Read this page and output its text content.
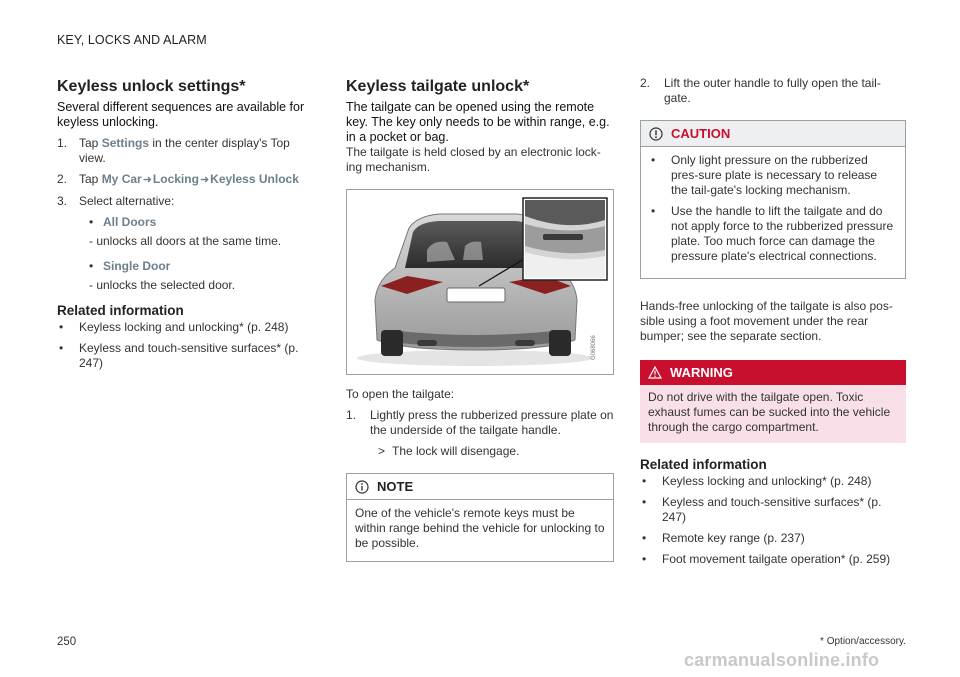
KEY, LOCKS AND ALARM
Keyless unlock settings*

Several different sequences are available for keyless unlocking.

1. Tap Settings in the center display's Top view.
2. Tap My Car➜Locking➜Keyless Unlock
3. Select alternative:
• All Doors
- unlocks all doors at the same time.
• Single Door
- unlocks the selected door.
Related information
•	Keyless locking and unlocking* (p. 248)
•	Keyless and touch-sensitive surfaces* (p. 247)
Keyless tailgate unlock*

The tailgate can be opened using the remote key. The key only needs to be within range, e.g. in a pocket or bag.

The tailgate is held closed by an electronic lock-ing mechanism.

G068066

To open the tailgate:

1.	Lightly press the rubberized pressure plate on the underside of the tailgate handle.
> The lock will disengage.
NOTE
One of the vehicle's remote keys must be within range behind the vehicle for unlocking to be possible.
2.	Lift the outer handle to fully open the tail-gate.
CAUTION
•	Only light pressure on the rubberized pres-sure plate is necessary to release the tail-gate's locking mechanism.
•	Use the handle to lift the tailgate and do not apply force to the rubberized pressure plate. Too much force can damage the pressure plate's electrical connections.

Hands-free unlocking of the tailgate is also pos-sible using a foot movement under the rear bumper; see the separate section.

WARNING
Do not drive with the tailgate open. Toxic exhaust fumes can be sucked into the vehicle through the cargo compartment.
Related information
•	Keyless locking and unlocking* (p. 248)
•	Keyless and touch-sensitive surfaces* (p. 247)
•	Remote key range (p. 237)
•	Foot movement tailgate operation* (p. 259)
250	* Option/accessory.
carmanualsonline.info
